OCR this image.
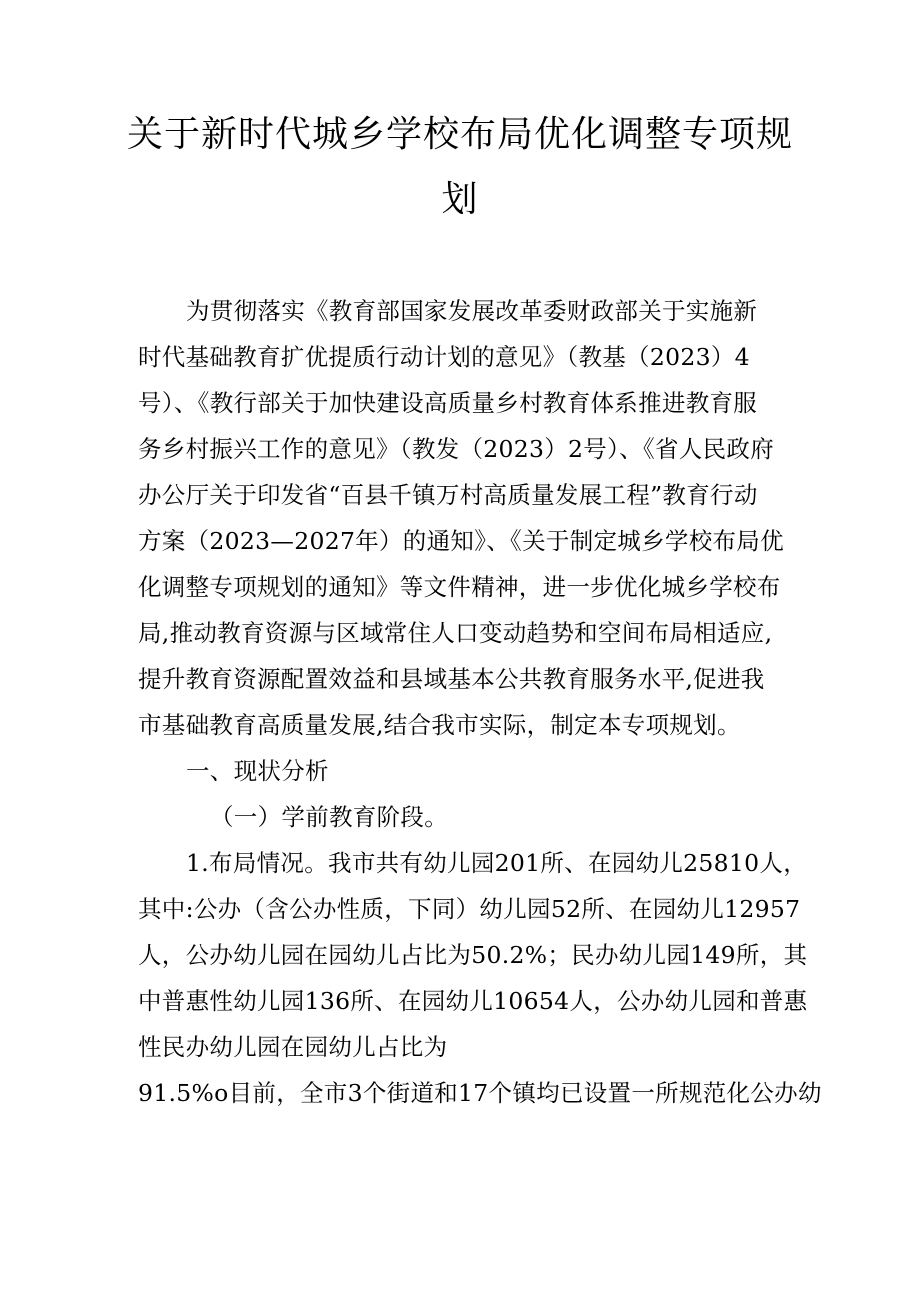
关于新时代城乡学校布局优化调整专项规
划
为贯彻落实《教育部国家发展改革委财政部关于实施新
时代基础教育扩优提质行动计划的意见》（教基（2023）4
号）、《教行部关于加快建设高质量乡村教育体系推进教育服
务乡村振兴工作的意见》（教发（2023）2号）、《省人民政府
办公厅关于印发省“百县千镇万村高质量发展工程”教育行动
方案（2023—2027年）的通知》、《关于制定城乡学校布局优
化调整专项规划的通知》等文件精神，进一步优化城乡学校布
局,推动教育资源与区域常住人口变动趋势和空间布局相适应,
提升教育资源配置效益和县域基本公共教育服务水平,促进我
市基础教育高质量发展,结合我市实际，制定本专项规划。
一、现状分析
（一）学前教育阶段。
1.布局情况。我市共有幼儿园201所、在园幼儿25810人，
其中:公办（含公办性质，下同）幼儿园52所、在园幼儿12957
人，公办幼儿园在园幼儿占比为50.2%；民办幼儿园149所，其
中普惠性幼儿园136所、在园幼儿10654人，公办幼儿园和普惠
性民办幼儿园在园幼儿占比为
91.5%o目前，全市3个街道和17个镇均已设置一所规范化公办幼
